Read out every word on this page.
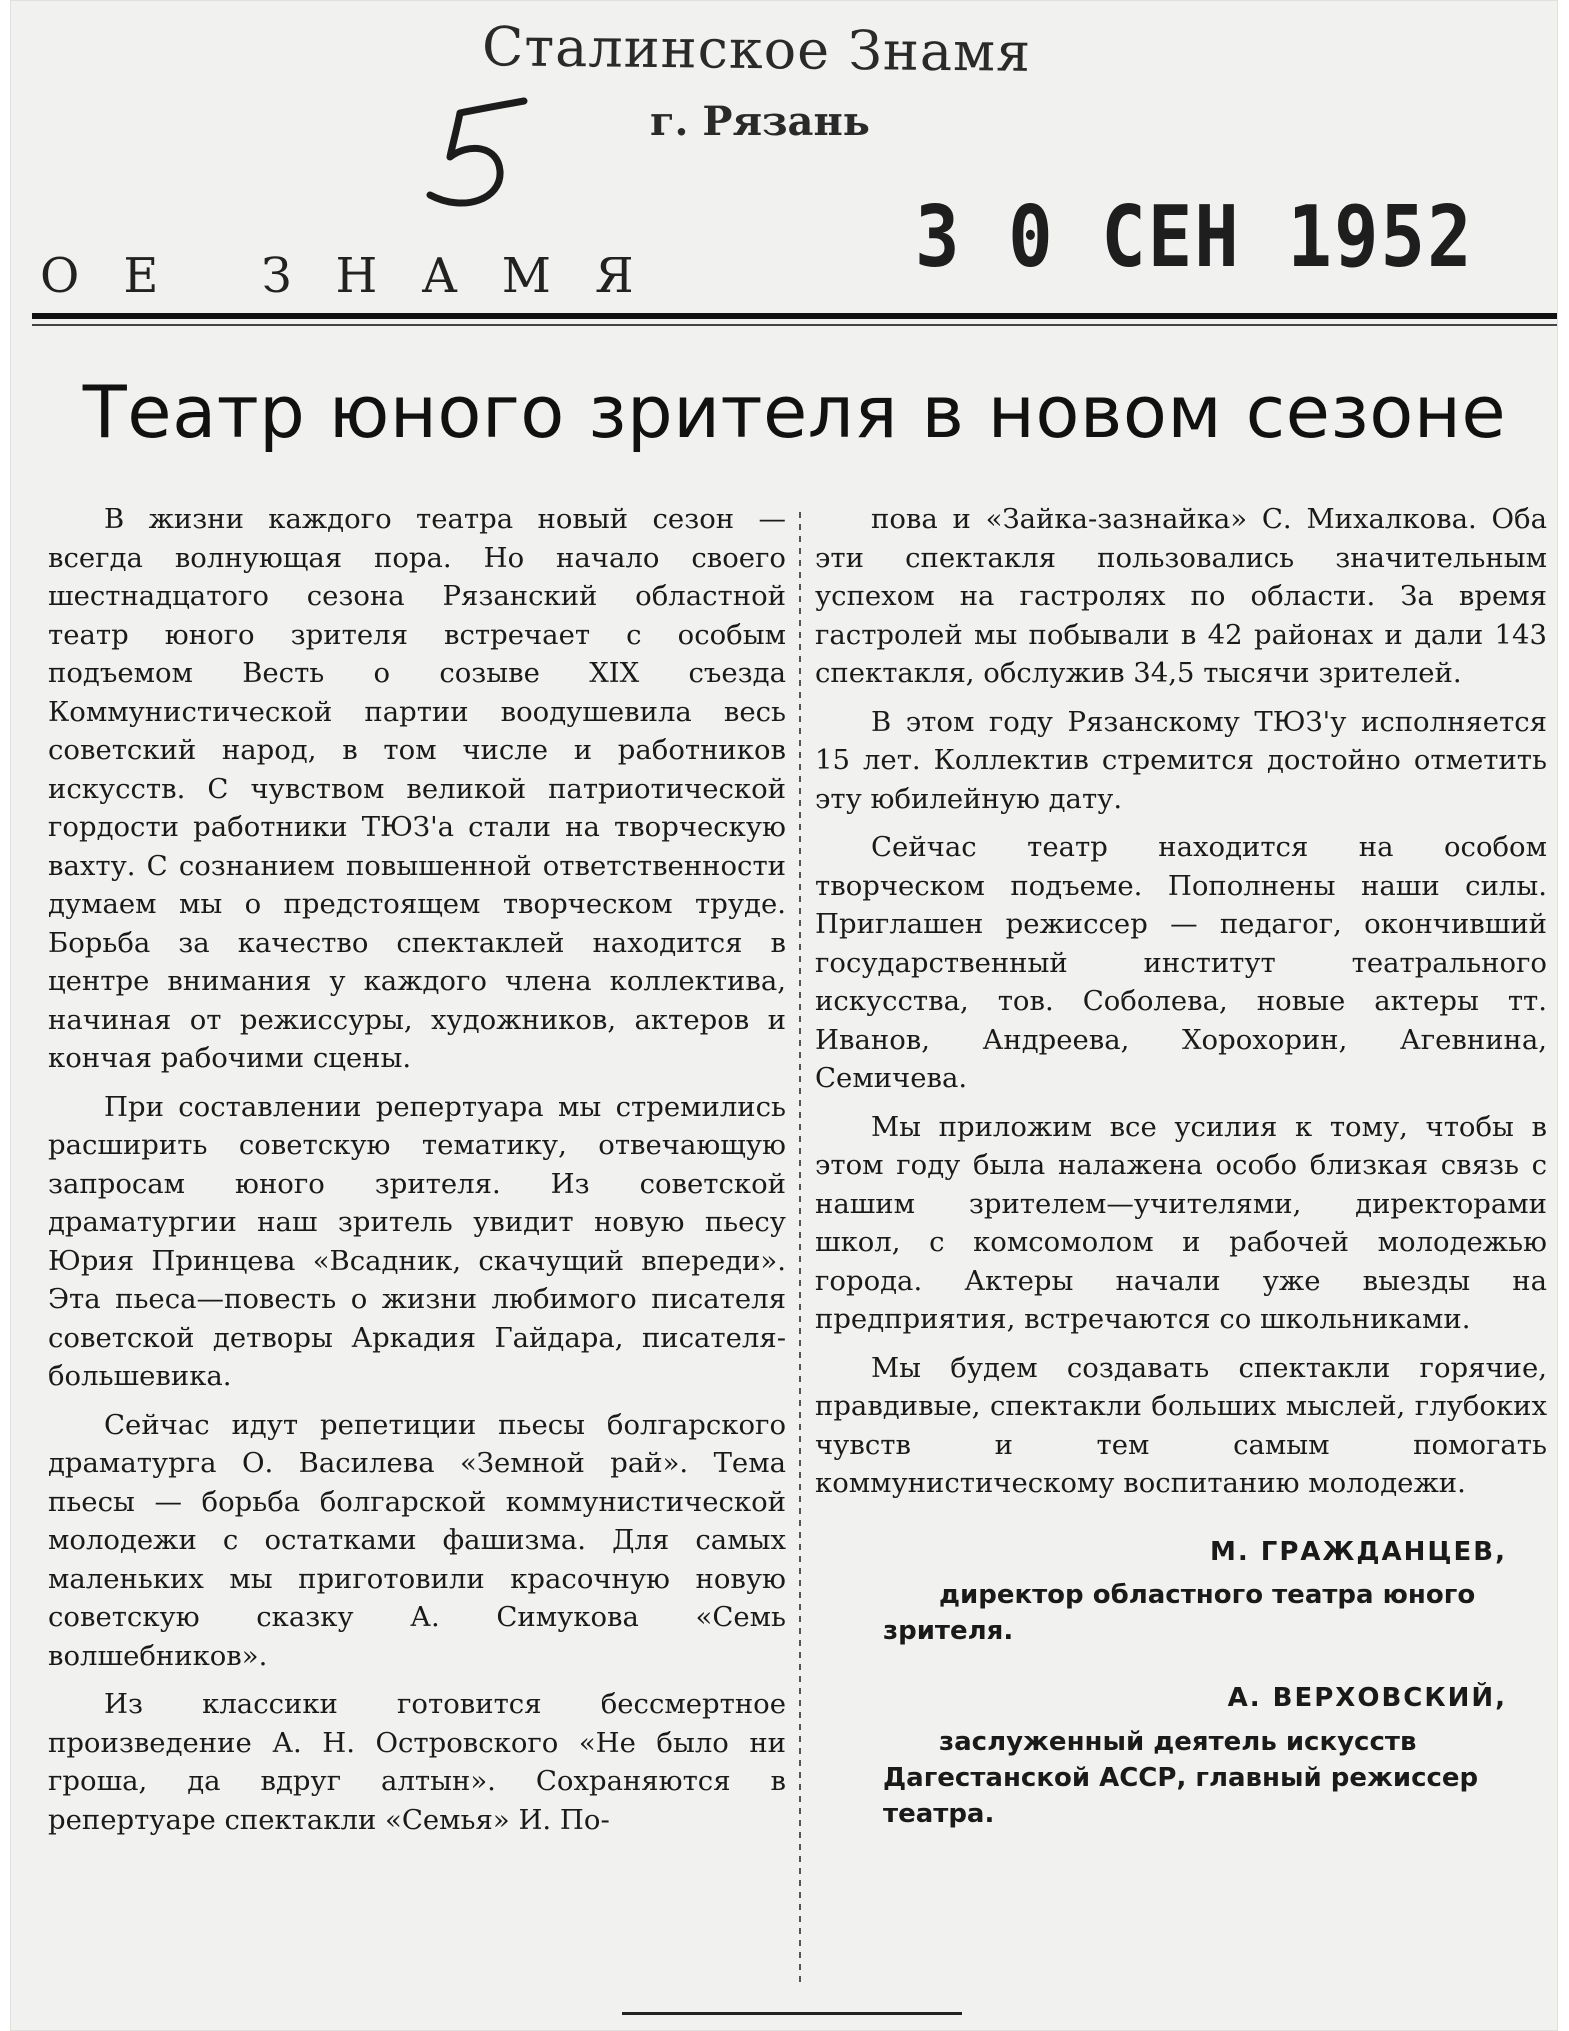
Сталинское Знамя
г. Рязань
3 0 СЕН 1952
ОЕ ЗНАМЯ
Театр юного зрителя в новом сезоне

В жизни каждого театра новый сезон — всегда волнующая пора. Но начало своего шестнадцатого сезона Рязанский областной театр юного зрителя встречает с особым подъемом Весть о созыве XIX съезда Коммунистической партии воодушевила весь советский народ, в том числе и работников искусств. С чувством великой патриотической гордости работники ТЮЗ'а стали на творческую вахту. С сознанием повышенной ответственности думаем мы о предстоящем творческом труде. Борьба за качество спектаклей находится в центре внимания у каждого члена коллектива, начиная от режиссуры, художников, актеров и кончая рабочими сцены.

При составлении репертуара мы стремились расширить советскую тематику, отвечающую запросам юного зрителя. Из советской драматургии наш зритель увидит новую пьесу Юрия Принцева «Всадник, скачущий впереди». Эта пьеса—повесть о жизни любимого писателя советской детворы Аркадия Гайдара, писателя-большевика.

Сейчас идут репетиции пьесы болгарского драматурга О. Василева «Земной рай». Тема пьесы — борьба болгарской коммунистической молодежи с остатками фашизма. Для самых маленьких мы приготовили красочную новую советскую сказку А. Симукова «Семь волшебников».

Из классики готовится бессмертное произведение А. Н. Островского «Не было ни гроша, да вдруг алтын». Сохраняются в репертуаре спектакли «Семья» И. По-

пова и «Зайка-зазнайка» С. Михалкова. Оба эти спектакля пользовались значительным успехом на гастролях по области. За время гастролей мы побывали в 42 районах и дали 143 спектакля, обслужив 34,5 тысячи зрителей.

В этом году Рязанскому ТЮЗ'у исполняется 15 лет. Коллектив стремится достойно отметить эту юбилейную дату.

Сейчас театр находится на особом творческом подъеме. Пополнены наши силы. Приглашен режиссер — педагог, окончивший государственный институт театрального искусства, тов. Соболева, новые актеры тт. Иванов, Андреева, Хорохорин, Агевнина, Семичева.

Мы приложим все усилия к тому, чтобы в этом году была налажена особо близкая связь с нашим зрителем—учителями, директорами школ, с комсомолом и рабочей молодежью города. Актеры начали уже выезды на предприятия, встречаются со школьниками.

Мы будем создавать спектакли горячие, правдивые, спектакли больших мыслей, глубоких чувств и тем самым помогать коммунистическому воспитанию молодежи.

М. ГРАЖДАНЦЕВ,

директор областного театра юного зрителя.

А. ВЕРХОВСКИЙ,

заслуженный деятель искусств Дагестанской АССР, главный режиссер театра.
